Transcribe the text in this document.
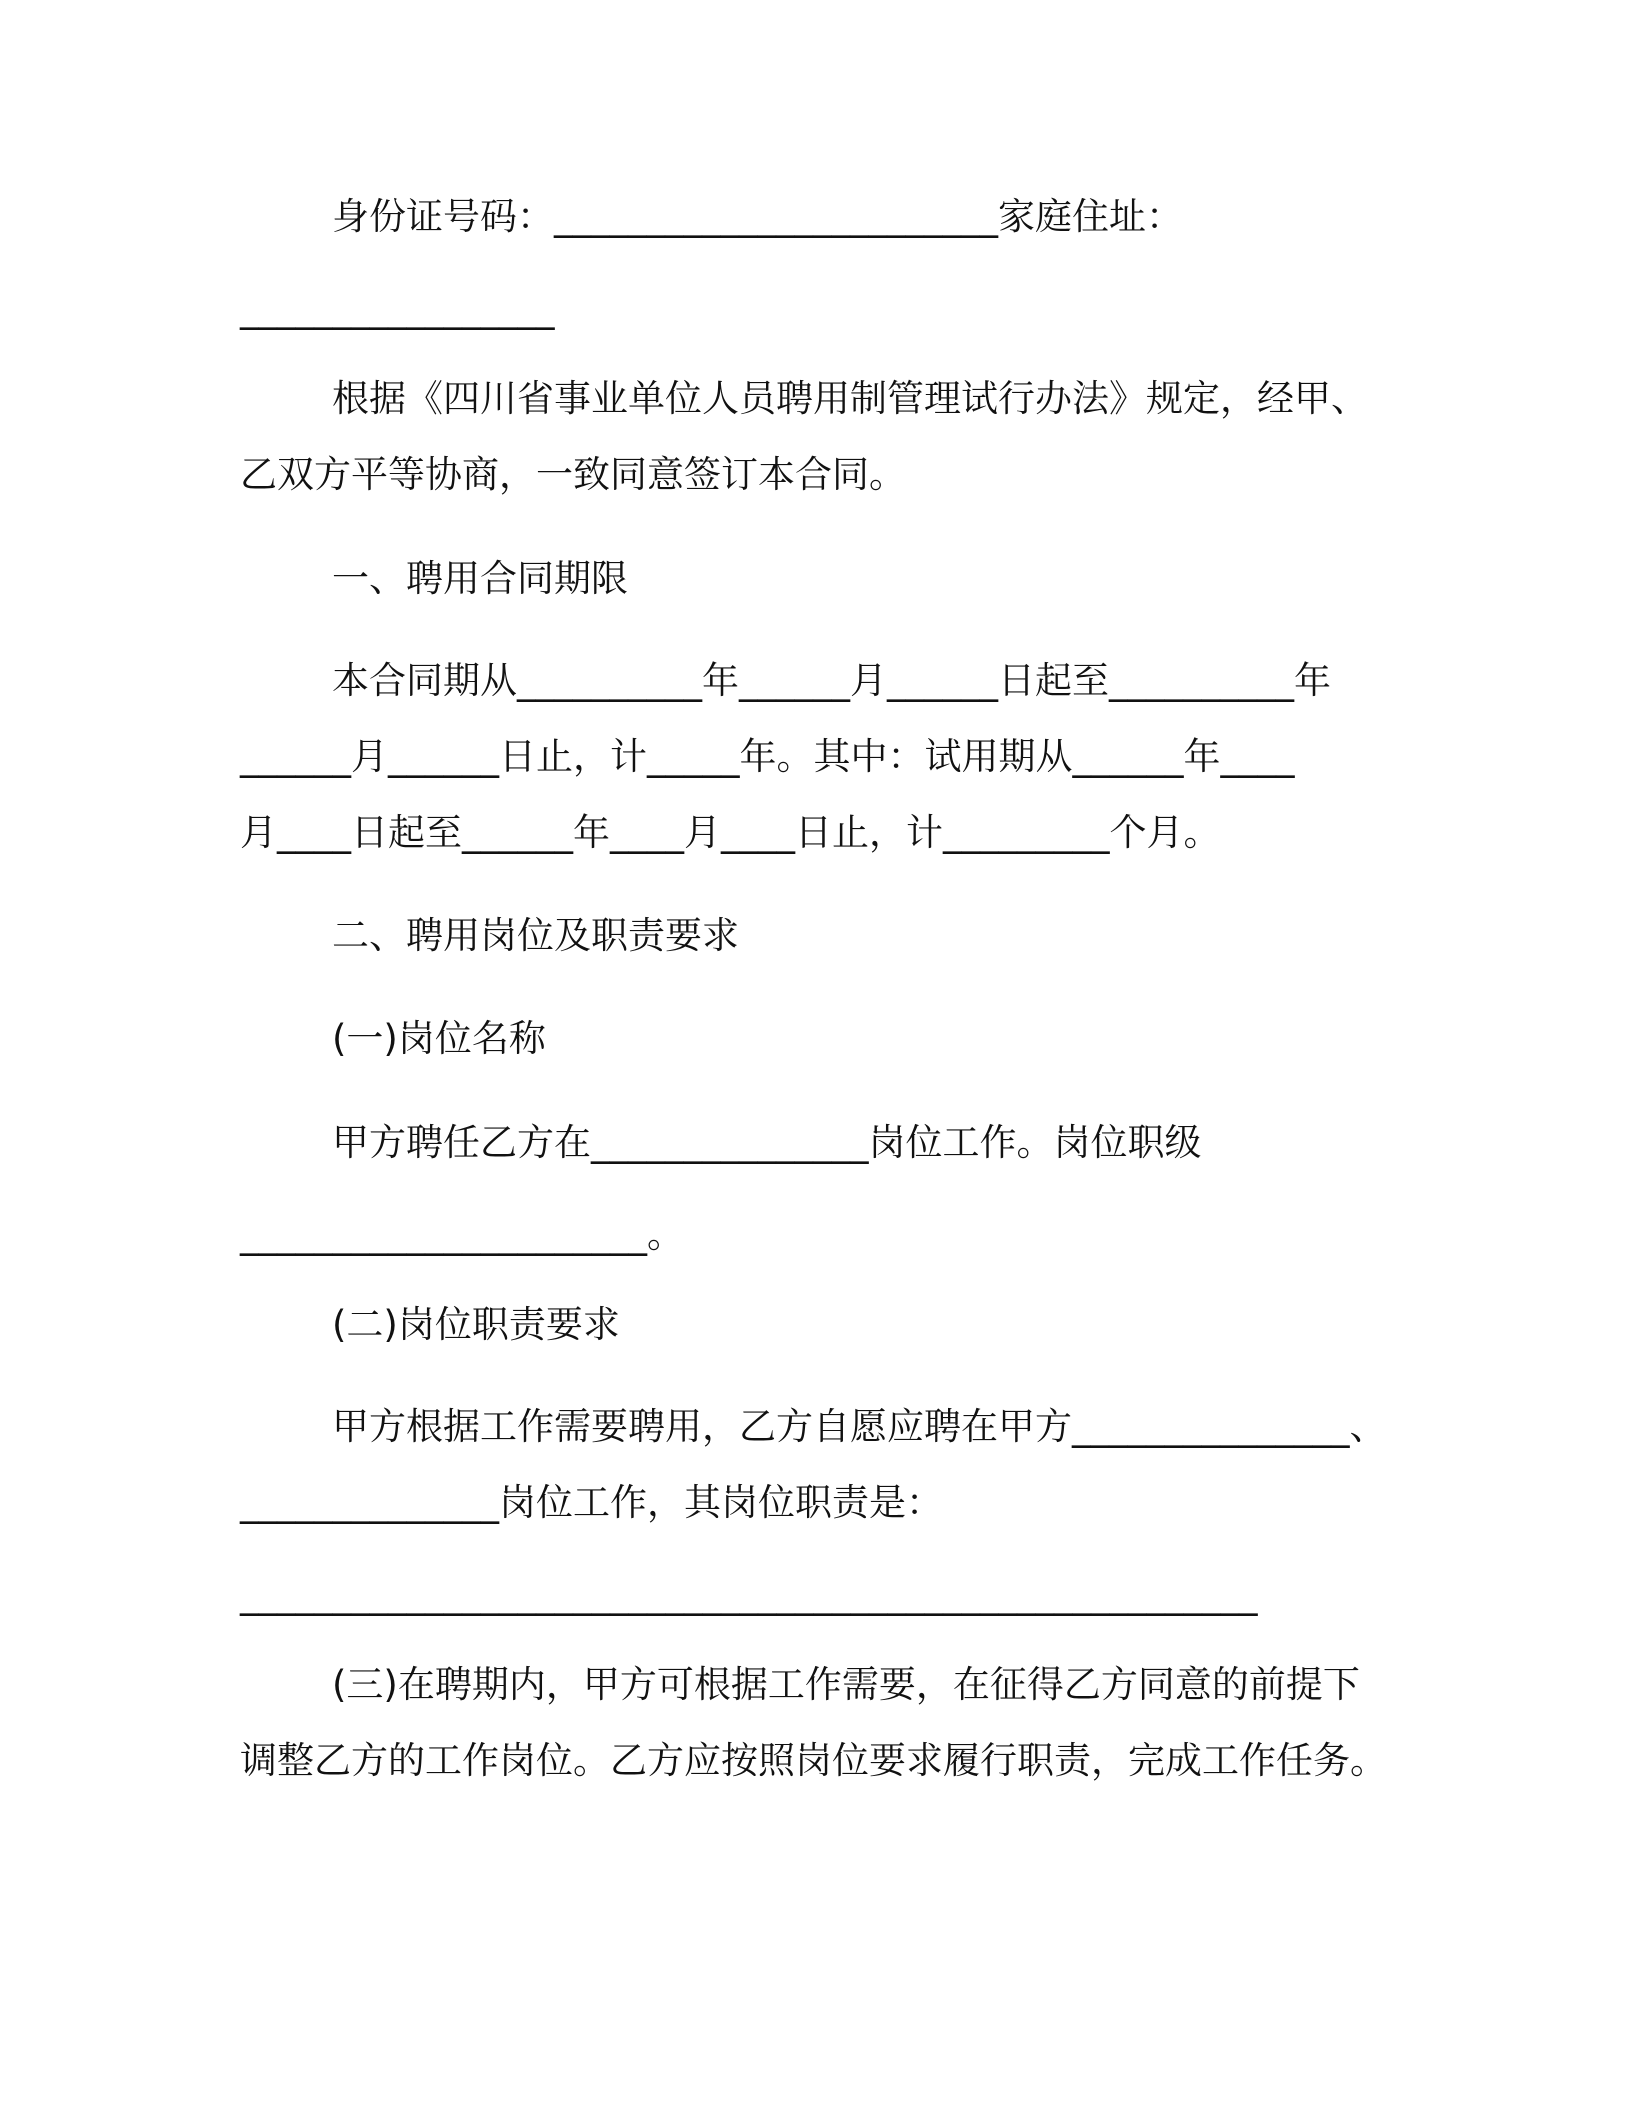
身份证号码：________________________家庭住址：
_________________
根据《四川省事业单位人员聘用制管理试行办法》规定，经甲、
乙双方平等协商，一致同意签订本合同。
一、聘用合同期限
本合同期从__________年______月______日起至__________年
______月______日止，计_____年。其中：试用期从______年____
月____日起至______年____月____日止，计_________个月。
二、聘用岗位及职责要求
(一)岗位名称
甲方聘任乙方在_______________岗位工作。岗位职级
______________________。
(二)岗位职责要求
甲方根据工作需要聘用，乙方自愿应聘在甲方_______________、
______________岗位工作，其岗位职责是：
_______________________________________________________
(三)在聘期内，甲方可根据工作需要，在征得乙方同意的前提下
调整乙方的工作岗位。乙方应按照岗位要求履行职责，完成工作任务。
